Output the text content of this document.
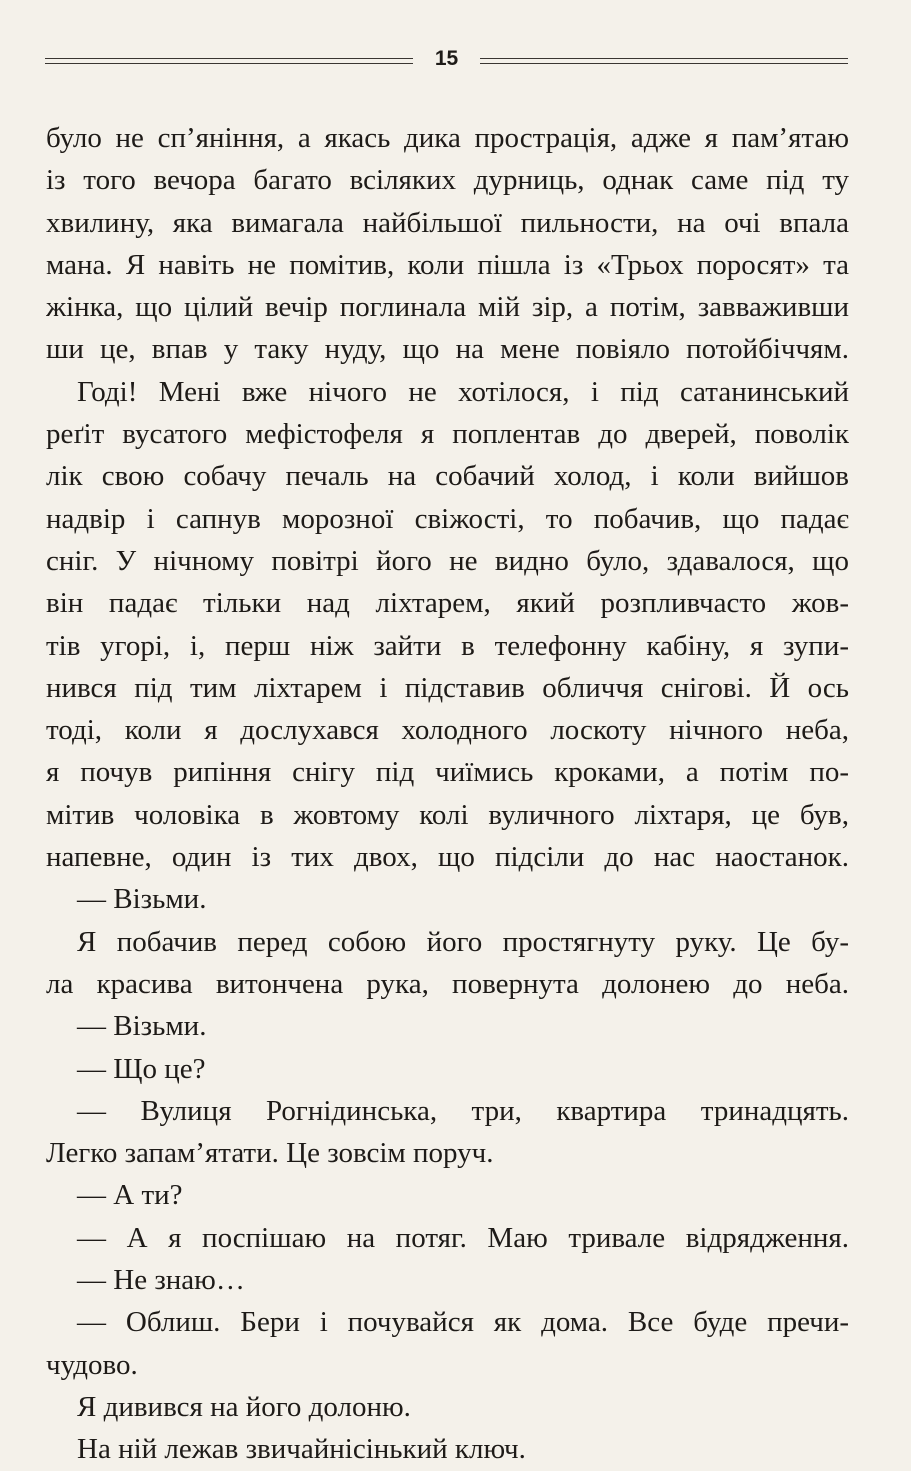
15
було не сп’яніння, а якась дика прострація, адже я пам’ятаю
із того вечора багато всіляких дурниць, однак саме під ту
хвилину, яка вимагала найбільшої пильности, на очі впала
мана. Я навіть не помітив, коли пішла із «Трьох поросят» та
жінка, що цілий вечір поглинала мій зір, а потім, завваживши
ши це, впав у таку нуду, що на мене повіяло потойбіччям.
Годі! Мені вже нічого не хотілося, і під сатанинський
реґіт вусатого мефістофеля я поплентав до дверей, поволік
лік свою собачу печаль на собачий холод, і коли вийшов
надвір і сапнув морозної свіжості, то побачив, що падає
сніг. У нічному повітрі його не видно було, здавалося, що
він падає тільки над ліхтарем, який розпливчасто жов-
тів угорі, і, перш ніж зайти в телефонну кабіну, я зупи-
нився під тим ліхтарем і підставив обличчя сніговi. Й ось
тоді, коли я дослухався холодного лоскоту нічного неба,
я почув рипіння снігу під чиїмись кроками, а потім по-
мітив чоловіка в жовтому колі вуличного ліхтаря, це був,
напевне, один із тих двох, що підсіли до нас наостанок.
— Візьми.
Я побачив перед собою його простягнуту руку. Це бу-
ла красива витончена рука, повернута долонею до неба.
— Візьми.
— Що це?
— Вулиця Рогнідинська, три, квартира тринадцять.
Легко запам’ятати. Це зовсім поруч.
— А ти?
— А я поспішаю на потяг. Маю тривале відрядження.
— Не знаю…
— Облиш. Бери і почувайся як дома. Все буде пречи-
чудово.
Я дивився на його долоню.
На ній лежав звичайнісінький ключ.
